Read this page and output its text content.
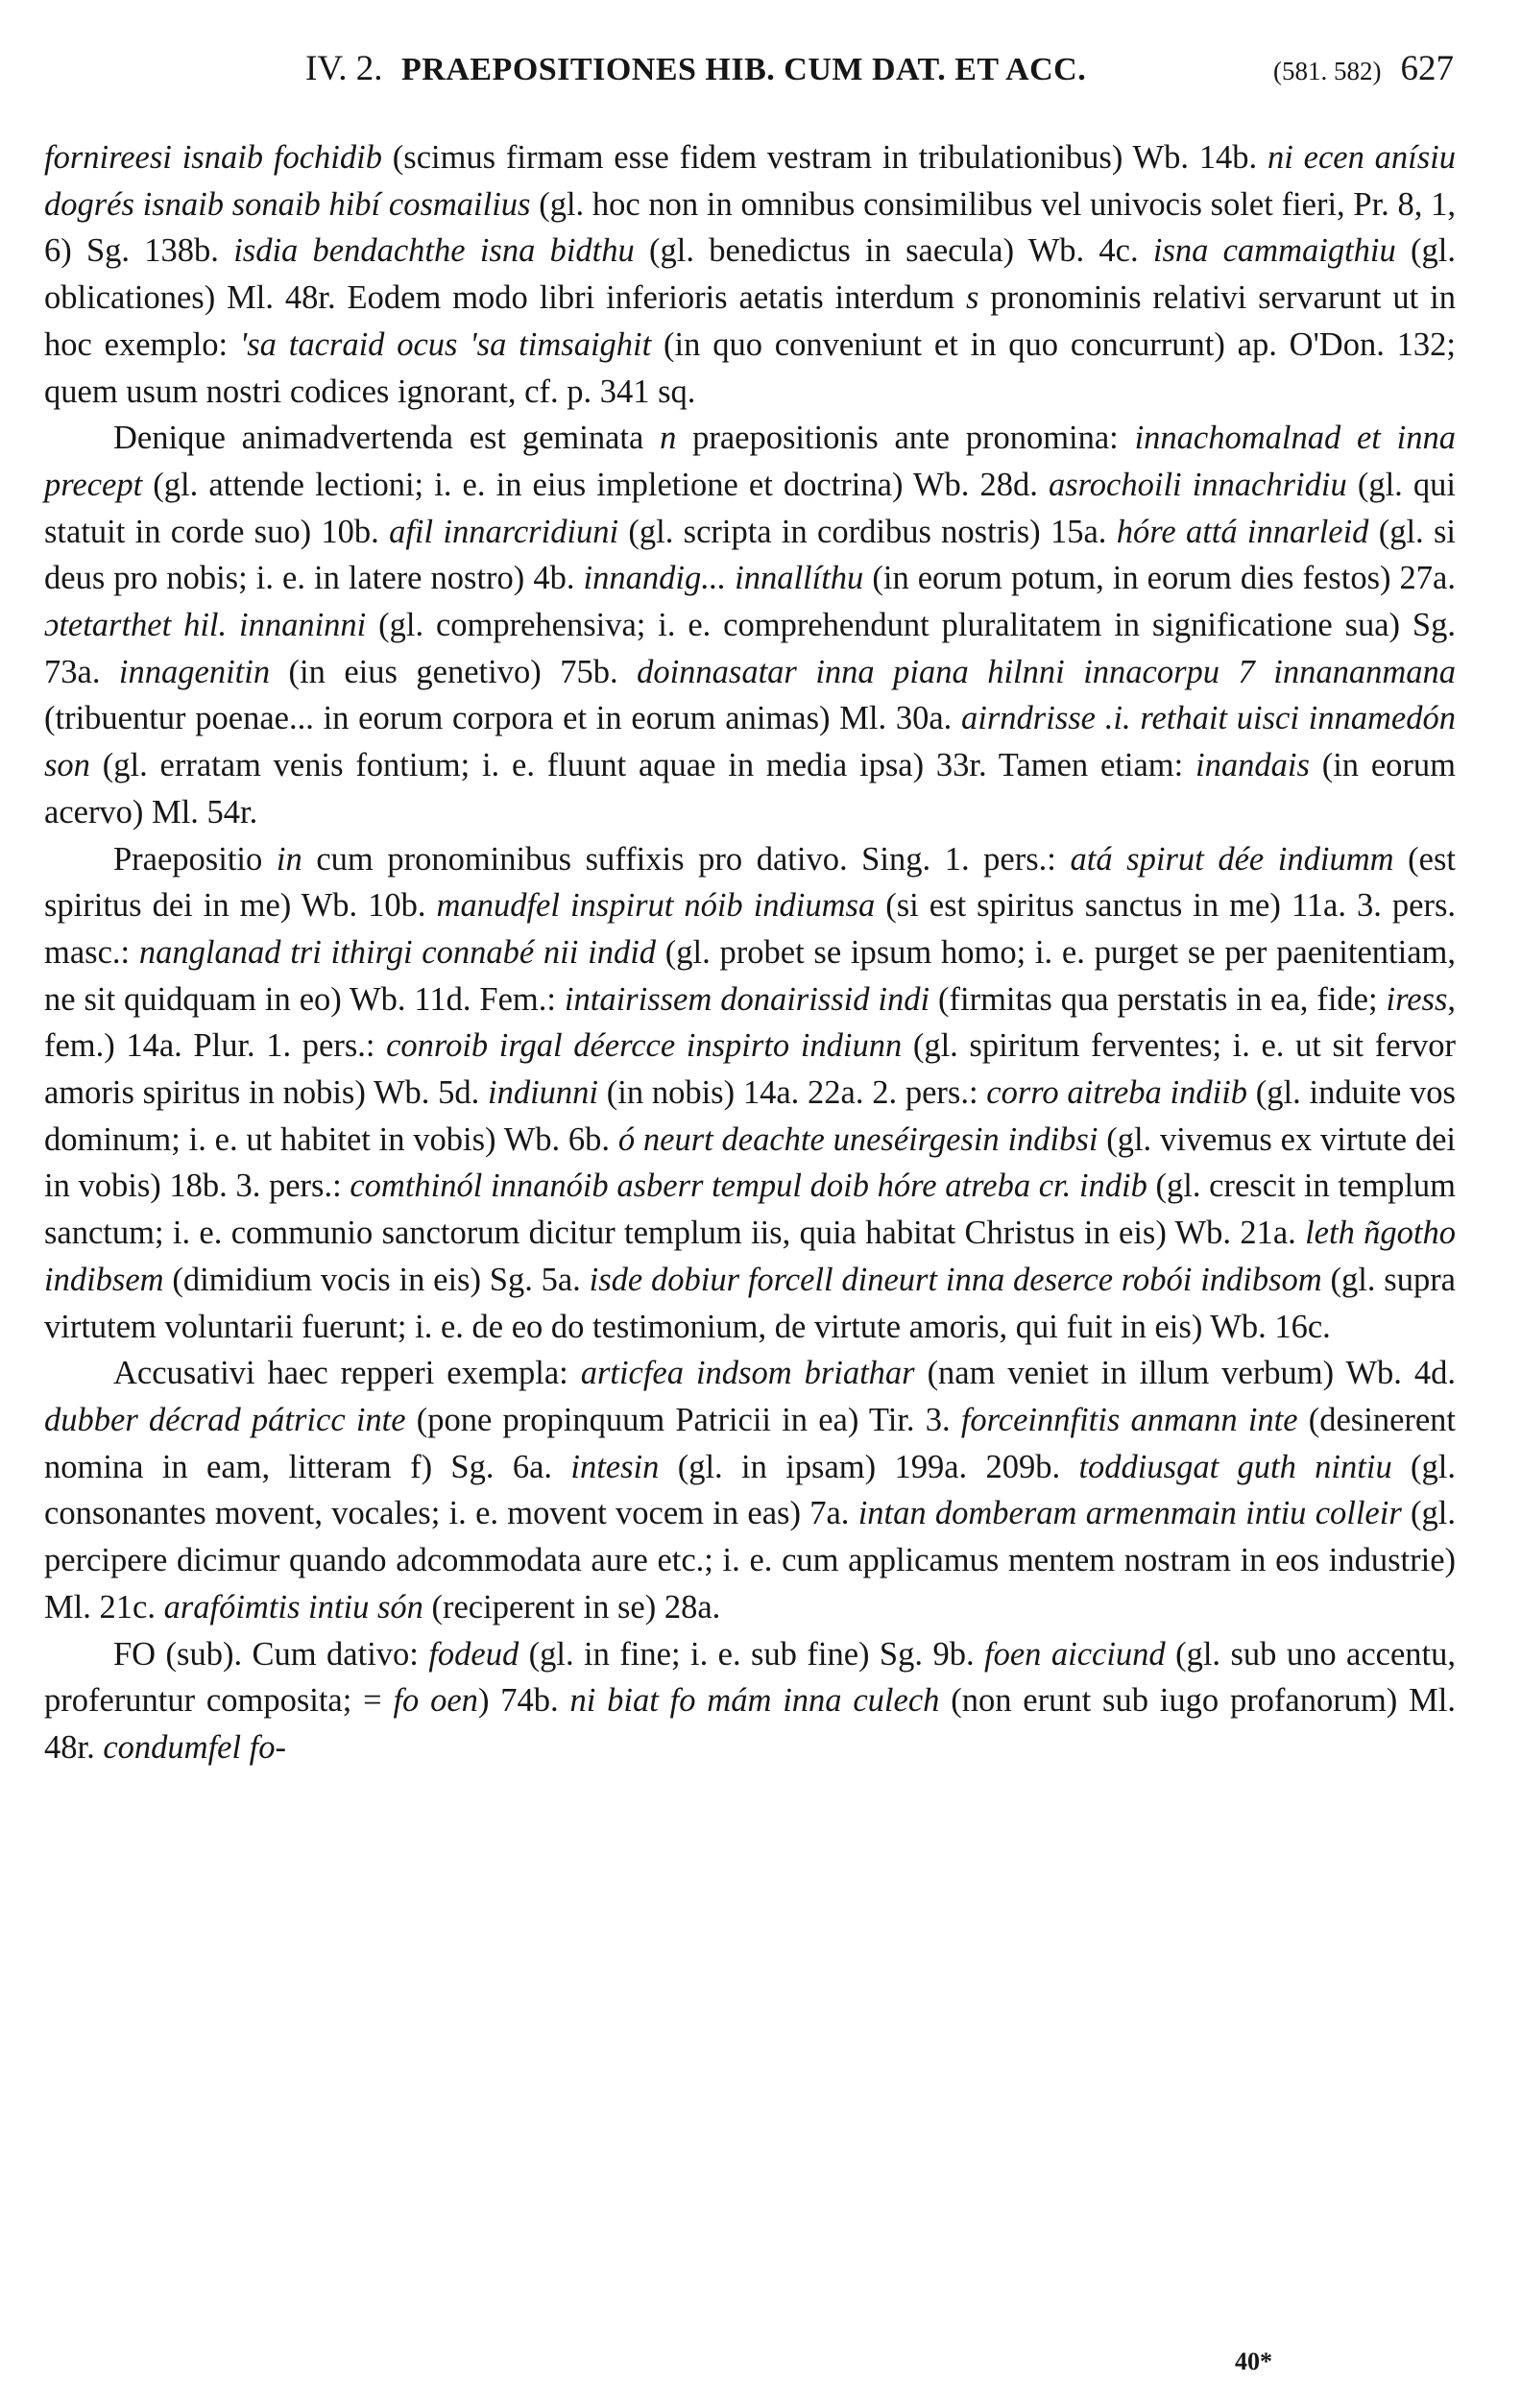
IV. 2. PRAEPOSITIONES HIB. CUM DAT. ET ACC.	(581. 582) 627

fornireesi isnaib fochidib (scimus firmam esse fidem vestram in tribulationibus) Wb. 14b. ni ecen anísiu dogrés isnaib sonaib hibí cosmailius (gl. hoc non in omnibus consimilibus vel univocis solet fieri, Pr. 8, 1, 6) Sg. 138b. isdia bendachthe isna bidthu (gl. benedictus in saecula) Wb. 4c. isna cammaigthiu (gl. oblicationes) Ml. 48r. Eodem modo libri inferioris aetatis interdum s pronominis relativi servarunt ut in hoc exemplo: 'sa tacraid ocus 'sa timsaighit (in quo conveniunt et in quo concurrunt) ap. O'Don. 132; quem usum nostri codices ignorant, cf. p. 341 sq.

Denique animadvertenda est geminata n praepositionis ante pronomina: innachomalnad et inna precept (gl. attende lectioni; i. e. in eius impletione et doctrina) Wb. 28d. asrochoili innachridiu (gl. qui statuit in corde suo) 10b. afil innarcridiuni (gl. scripta in cordibus nostris) 15a. hóre attá innarleid (gl. si deus pro nobis; i. e. in latere nostro) 4b. innandig... innallíthu (in eorum potum, in eorum dies festos) 27a. ɔtetarthet hil. innaninni (gl. comprehensiva; i. e. comprehendunt pluralitatem in significatione sua) Sg. 73a. innagenitin (in eius genetivo) 75b. doinnasatar inna piana hilnni innacorpu 7 innananmana (tribuentur poenae... in eorum corpora et in eorum animas) Ml. 30a. airndrisse .i. rethait uisci innamedón son (gl. erratam venis fontium; i. e. fluunt aquae in media ipsa) 33r. Tamen etiam: inandais (in eorum acervo) Ml. 54r.

Praepositio in cum pronominibus suffixis pro dativo. Sing. 1. pers.: atá spirut dée indiumm (est spiritus dei in me) Wb. 10b. manudfel inspirut nóib indiumsa (si est spiritus sanctus in me) 11a. 3. pers. masc.: nanglanad tri ithirgi connabé nii indid (gl. probet se ipsum homo; i. e. purget se per paenitentiam, ne sit quidquam in eo) Wb. 11d. Fem.: intairissem donairissid indi (firmitas qua perstatis in ea, fide; iress, fem.) 14a. Plur. 1. pers.: conroib irgal déercce inspirto indiunn (gl. spiritum ferventes; i. e. ut sit fervor amoris spiritus in nobis) Wb. 5d. indiunni (in nobis) 14a. 22a. 2. pers.: corro aitreba indiib (gl. induite vos dominum; i. e. ut habitet in vobis) Wb. 6b. ó neurt deachte uneséirgesin indibsi (gl. vivemus ex virtute dei in vobis) 18b. 3. pers.: comthinól innanóib asberr tempul doib hóre atreba cr. indib (gl. crescit in templum sanctum; i. e. communio sanctorum dicitur templum iis, quia habitat Christus in eis) Wb. 21a. leth ñgotho indibsem (dimidium vocis in eis) Sg. 5a. isde dobiur forcell dineurt inna deserce robói indibsom (gl. supra virtutem voluntarii fuerunt; i. e. de eo do testimonium, de virtute amoris, qui fuit in eis) Wb. 16c.

Accusativi haec repperi exempla: articfea indsom briathar (nam veniet in illum verbum) Wb. 4d. dubber décrad pátricc inte (pone propinquum Patricii in ea) Tir. 3. forceinnfitis anmann inte (desinerent nomina in eam, litteram f) Sg. 6a. intesin (gl. in ipsam) 199a. 209b. toddiusgat guth nintiu (gl. consonantes movent, vocales; i. e. movent vocem in eas) 7a. intan domberam armenmain intiu colleir (gl. percipere dicimur quando adcommodata aure etc.; i. e. cum applicamus mentem nostram in eos industrie) Ml. 21c. arafóimtis intiu són (reciperent in se) 28a.

FO (sub). Cum dativo: fodeud (gl. in fine; i. e. sub fine) Sg. 9b. foen aicciund (gl. sub uno accentu, proferuntur composita; = fo oen) 74b. ni biat fo mám inna culech (non erunt sub iugo profanorum) Ml. 48r. condumfel fo-

40*
